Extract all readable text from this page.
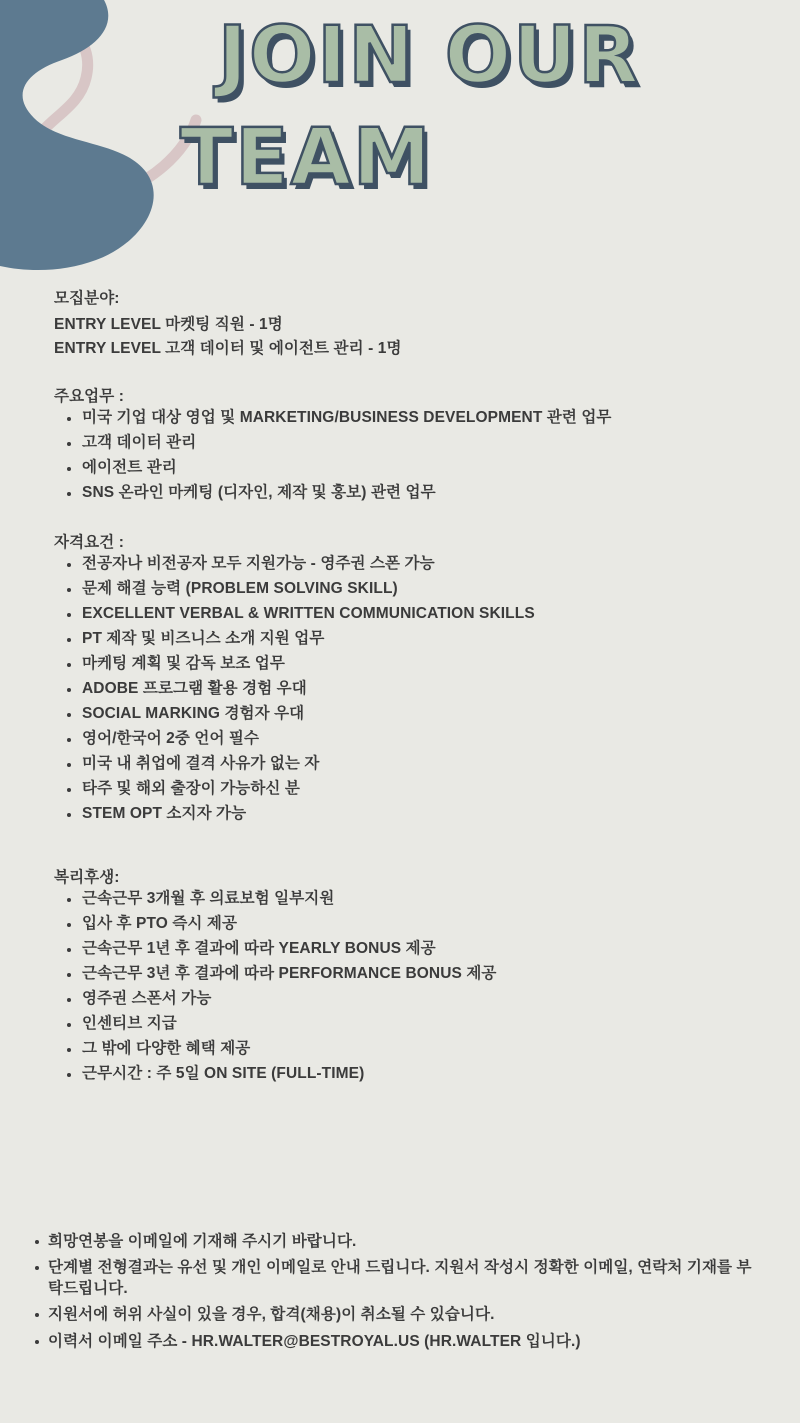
JOIN OUR
TEAM
모집분야:
ENTRY LEVEL 마켓팅 직원 - 1명
ENTRY LEVEL 고객 데이터 및 에이전트 관리 - 1명
주요업무 :
미국 기업 대상 영업 및 MARKETING/BUSINESS DEVELOPMENT 관련 업무
고객 데이터 관리
에이전트 관리
SNS 온라인 마케팅 (디자인, 제작 및 홍보) 관련 업무
자격요건 :
전공자나 비전공자 모두 지원가능 - 영주권 스폰 가능
문제 해결 능력 (PROBLEM SOLVING SKILL)
EXCELLENT VERBAL & WRITTEN COMMUNICATION SKILLS
PT 제작 및 비즈니스 소개 지원 업무
마케팅 계획 및 감독 보조 업무
ADOBE 프로그램 활용 경험 우대
SOCIAL MARKING 경험자 우대
영어/한국어 2중 언어 필수
미국 내 취업에 결격 사유가 없는 자
타주 및 해외 출장이 가능하신 분
STEM OPT 소지자 가능
복리후생:
근속근무 3개월 후 의료보험 일부지원
입사 후 PTO 즉시 제공
근속근무 1년 후 결과에 따라 YEARLY BONUS 제공
근속근무 3년 후 결과에 따라 PERFORMANCE BONUS 제공
영주권 스폰서 가능
인센티브 지급
그 밖에 다양한 혜택 제공
근무시간 : 주 5일 ON SITE (FULL-TIME)
희망연봉을 이메일에 기재해 주시기 바랍니다.
단계별 전형결과는 유선 및 개인 이메일로 안내 드립니다. 지원서 작성시 정확한 이메일, 연락처 기재를 부탁드립니다.
지원서에 허위 사실이 있을 경우, 합격(채용)이 취소될 수 있습니다.
이력서 이메일 주소 - HR.WALTER@BESTROYAL.US (HR.WALTER 입니다.)
